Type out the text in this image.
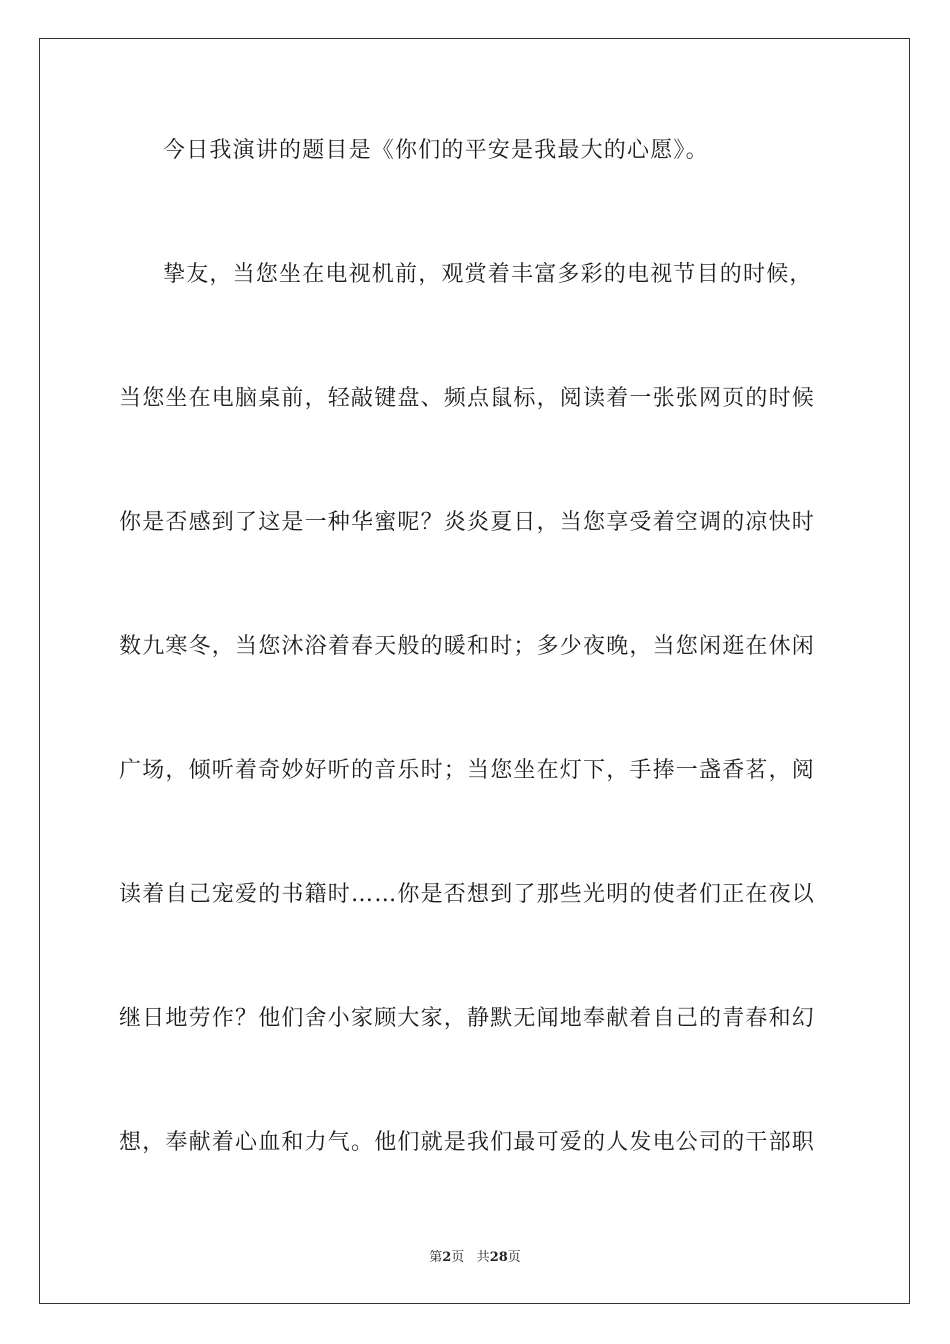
今日我演讲的题目是《你们的平安是我最大的心愿》。
挚友，当您坐在电视机前，观赏着丰富多彩的电视节目的时候，
当您坐在电脑桌前，轻敲键盘、频点鼠标，阅读着一张张网页的时候
你是否感到了这是一种华蜜呢？炎炎夏日，当您享受着空调的凉快时
数九寒冬，当您沐浴着春天般的暖和时；多少夜晚，当您闲逛在休闲
广场，倾听着奇妙好听的音乐时；当您坐在灯下，手捧一盏香茗，阅
读着自己宠爱的书籍时……你是否想到了那些光明的使者们正在夜以
继日地劳作？他们舍小家顾大家，静默无闻地奉献着自己的青春和幻
想，奉献着心血和力气。他们就是我们最可爱的人发电公司的干部职
第2页 共28页
